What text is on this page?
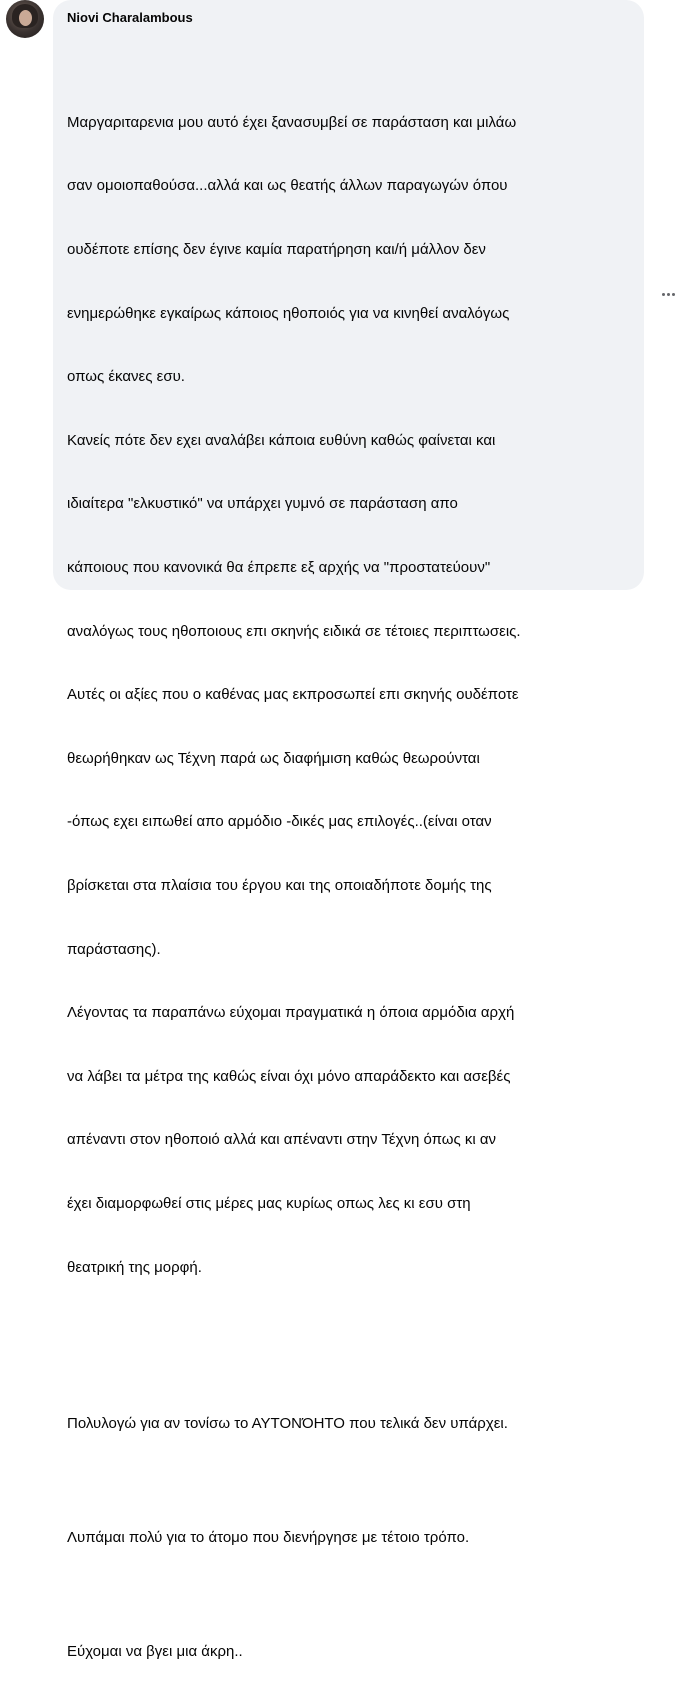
Niovi Charalambous

Μαργαριταρενια μου αυτό έχει ξανασυμβεί σε παράσταση και μιλάω

σαν ομοιοπαθούσα...αλλά και ως θεατής άλλων παραγωγών όπου

ουδέποτε επίσης δεν έγινε καμία παρατήρηση και/ή μάλλον δεν

ενημερώθηκε εγκαίρως κάποιος ηθοποιός για να κινηθεί αναλόγως

οπως έκανες εσυ.

Κανείς πότε δεν εχει αναλάβει κάποια ευθύνη καθώς φαίνεται και

ιδιαίτερα "ελκυστικό" να υπάρχει γυμνό σε παράσταση απο

κάποιους που κανονικά θα έπρεπε εξ αρχής να "προστατεύουν"

αναλόγως τους ηθοποιους επι σκηνής ειδικά σε τέτοιες περιπτωσεις.

Αυτές οι αξίες που ο καθένας μας εκπροσωπεί επι σκηνής ουδέποτε

θεωρήθηκαν ως Τέχνη παρά ως διαφήμιση καθώς θεωρούνται

-όπως εχει ειπωθεί απο αρμόδιο -δικές μας επιλογές..(είναι οταν

βρίσκεται στα πλαίσια του έργου και της οποιαδήποτε δομής της

παράστασης).

Λέγοντας τα παραπάνω εύχομαι πραγματικά η όποια αρμόδια αρχή

να λάβει τα μέτρα της καθώς είναι όχι μόνο απαράδεκτο και ασεβές

απέναντι στον ηθοποιό αλλά και απέναντι στην Τέχνη όπως κι αν

έχει διαμορφωθεί στις μέρες μας κυρίως οπως λες κι εσυ στη

θεατρική της μορφή.

Πολυλογώ για αν τονίσω το ΑΥΤΟΝΌΗΤΟ που τελικά δεν υπάρχει.

Λυπάμαι πολύ για το άτομο που διενήργησε με τέτοιο τρόπο.

Εύχομαι να βγει μια άκρη..
